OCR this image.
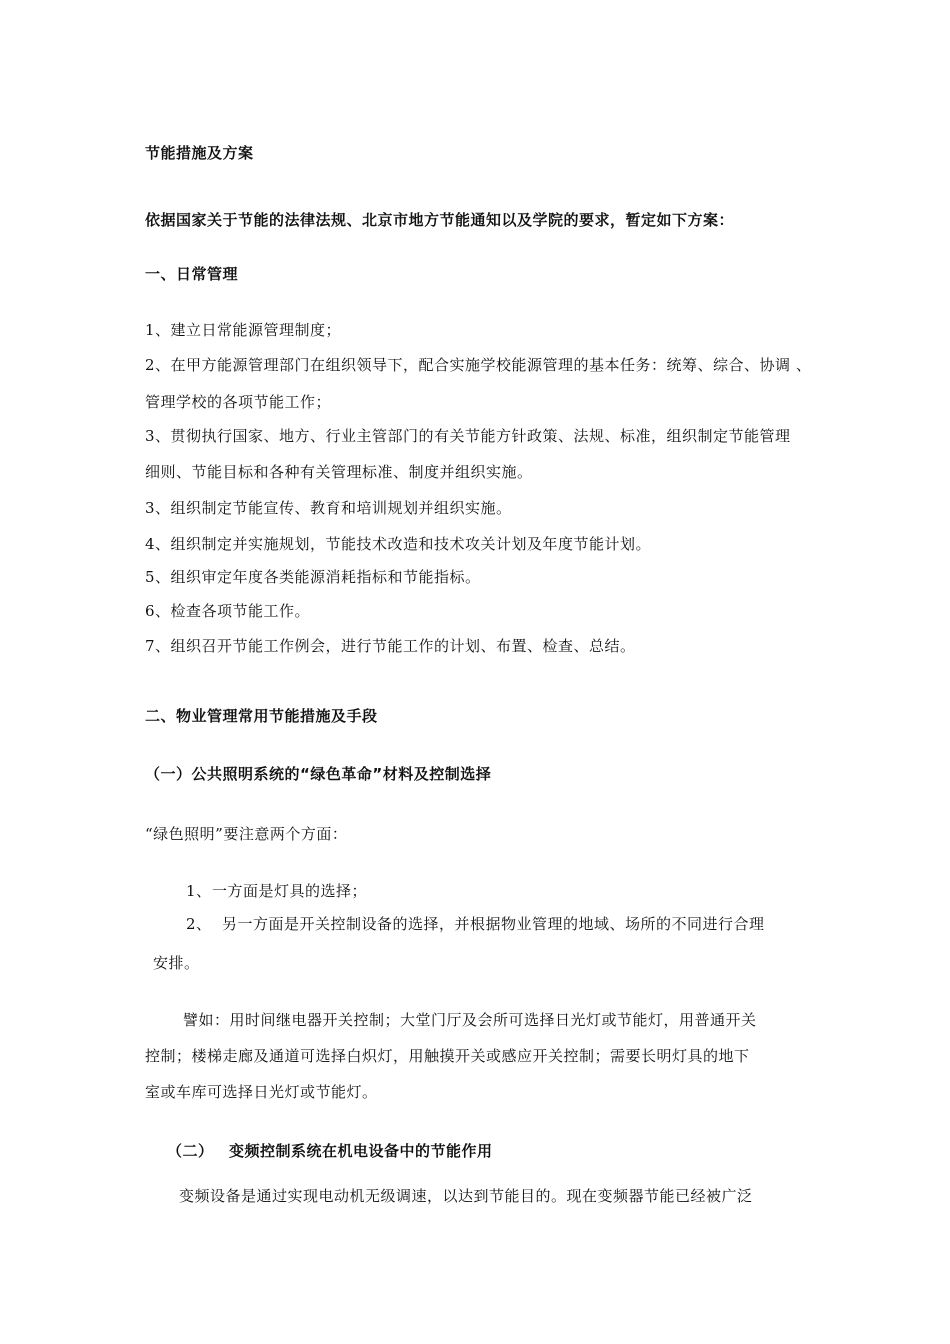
节能措施及方案
依据国家关于节能的法律法规、北京市地方节能通知以及学院的要求，暂定如下方案：
一、日常管理
1、建立日常能源管理制度；
2、在甲方能源管理部门在组织领导下，配合实施学校能源管理的基本任务：统筹、综合、协调 、
管理学校的各项节能工作；
3、贯彻执行国家、地方、行业主管部门的有关节能方针政策、法规、标准，组织制定节能管理
细则、节能目标和各种有关管理标准、制度并组织实施。
3、组织制定节能宣传、教育和培训规划并组织实施。
4、组织制定并实施规划，节能技术改造和技术攻关计划及年度节能计划。
5、组织审定年度各类能源消耗指标和节能指标。
6、检查各项节能工作。
7、组织召开节能工作例会，进行节能工作的计划、布置、检查、总结。
二、物业管理常用节能措施及手段
（一）公共照明系统的“绿色革命”材料及控制选择
“绿色照明”要注意两个方面：
1、 一方面是灯具的选择；
2、 另一方面是开关控制设备的选择，并根据物业管理的地域、场所的不同进行合理
安排。
譬如：用时间继电器开关控制；大堂门厅及会所可选择日光灯或节能灯，用普通开关
控制；楼梯走廊及通道可选择白炽灯，用触摸开关或感应开关控制；需要长明灯具的地下
室或车库可选择日光灯或节能灯。
（二） 变频控制系统在机电设备中的节能作用
变频设备是通过实现电动机无级调速，以达到节能目的。现在变频器节能已经被广泛
